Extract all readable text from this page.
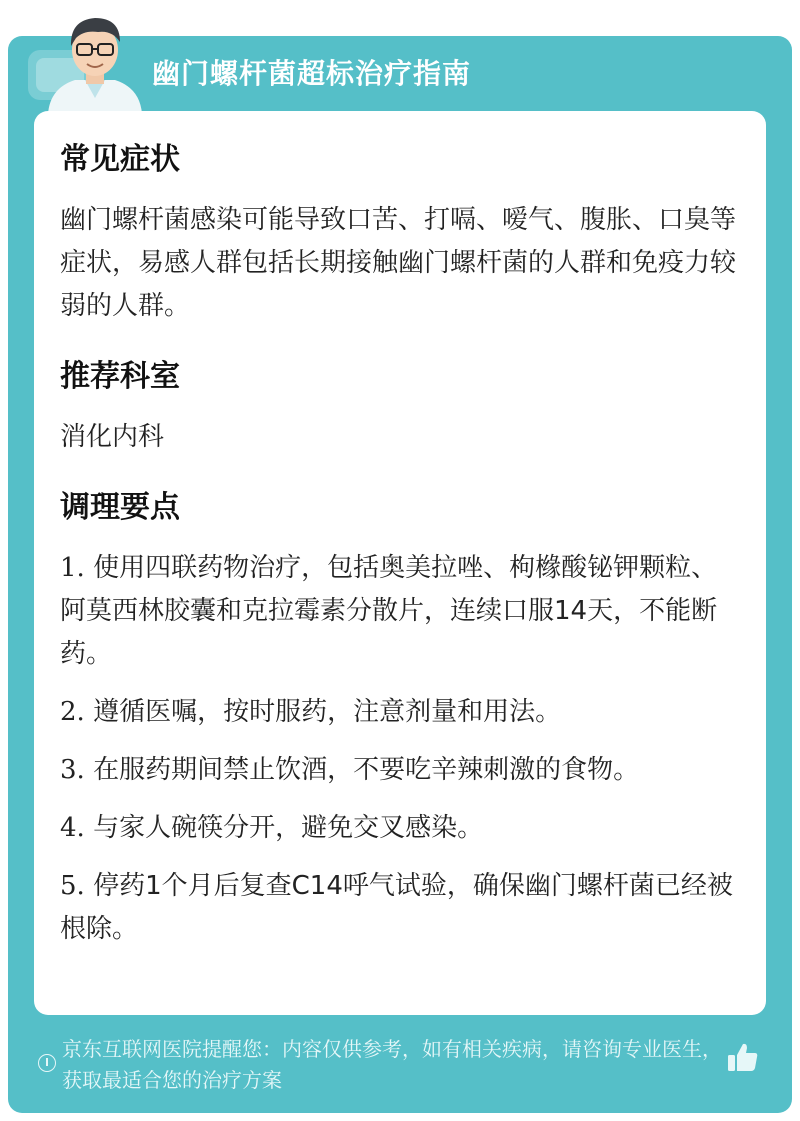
幽门螺杆菌超标治疗指南
常见症状

幽门螺杆菌感染可能导致口苦、打嗝、嗳气、腹胀、口臭等症状，易感人群包括长期接触幽门螺杆菌的人群和免疫力较弱的人群。

推荐科室

消化内科

调理要点
1. 使用四联药物治疗，包括奥美拉唑、枸橼酸铋钾颗粒、阿莫西林胶囊和克拉霉素分散片，连续口服14天，不能断药。
2. 遵循医嘱，按时服药，注意剂量和用法。
3. 在服药期间禁止饮酒，不要吃辛辣刺激的食物。
4. 与家人碗筷分开，避免交叉感染。
5. 停药1个月后复查C14呼气试验，确保幽门螺杆菌已经被根除。
京东互联网医院提醒您：内容仅供参考，如有相关疾病，请咨询专业医生，获取最适合您的治疗方案
